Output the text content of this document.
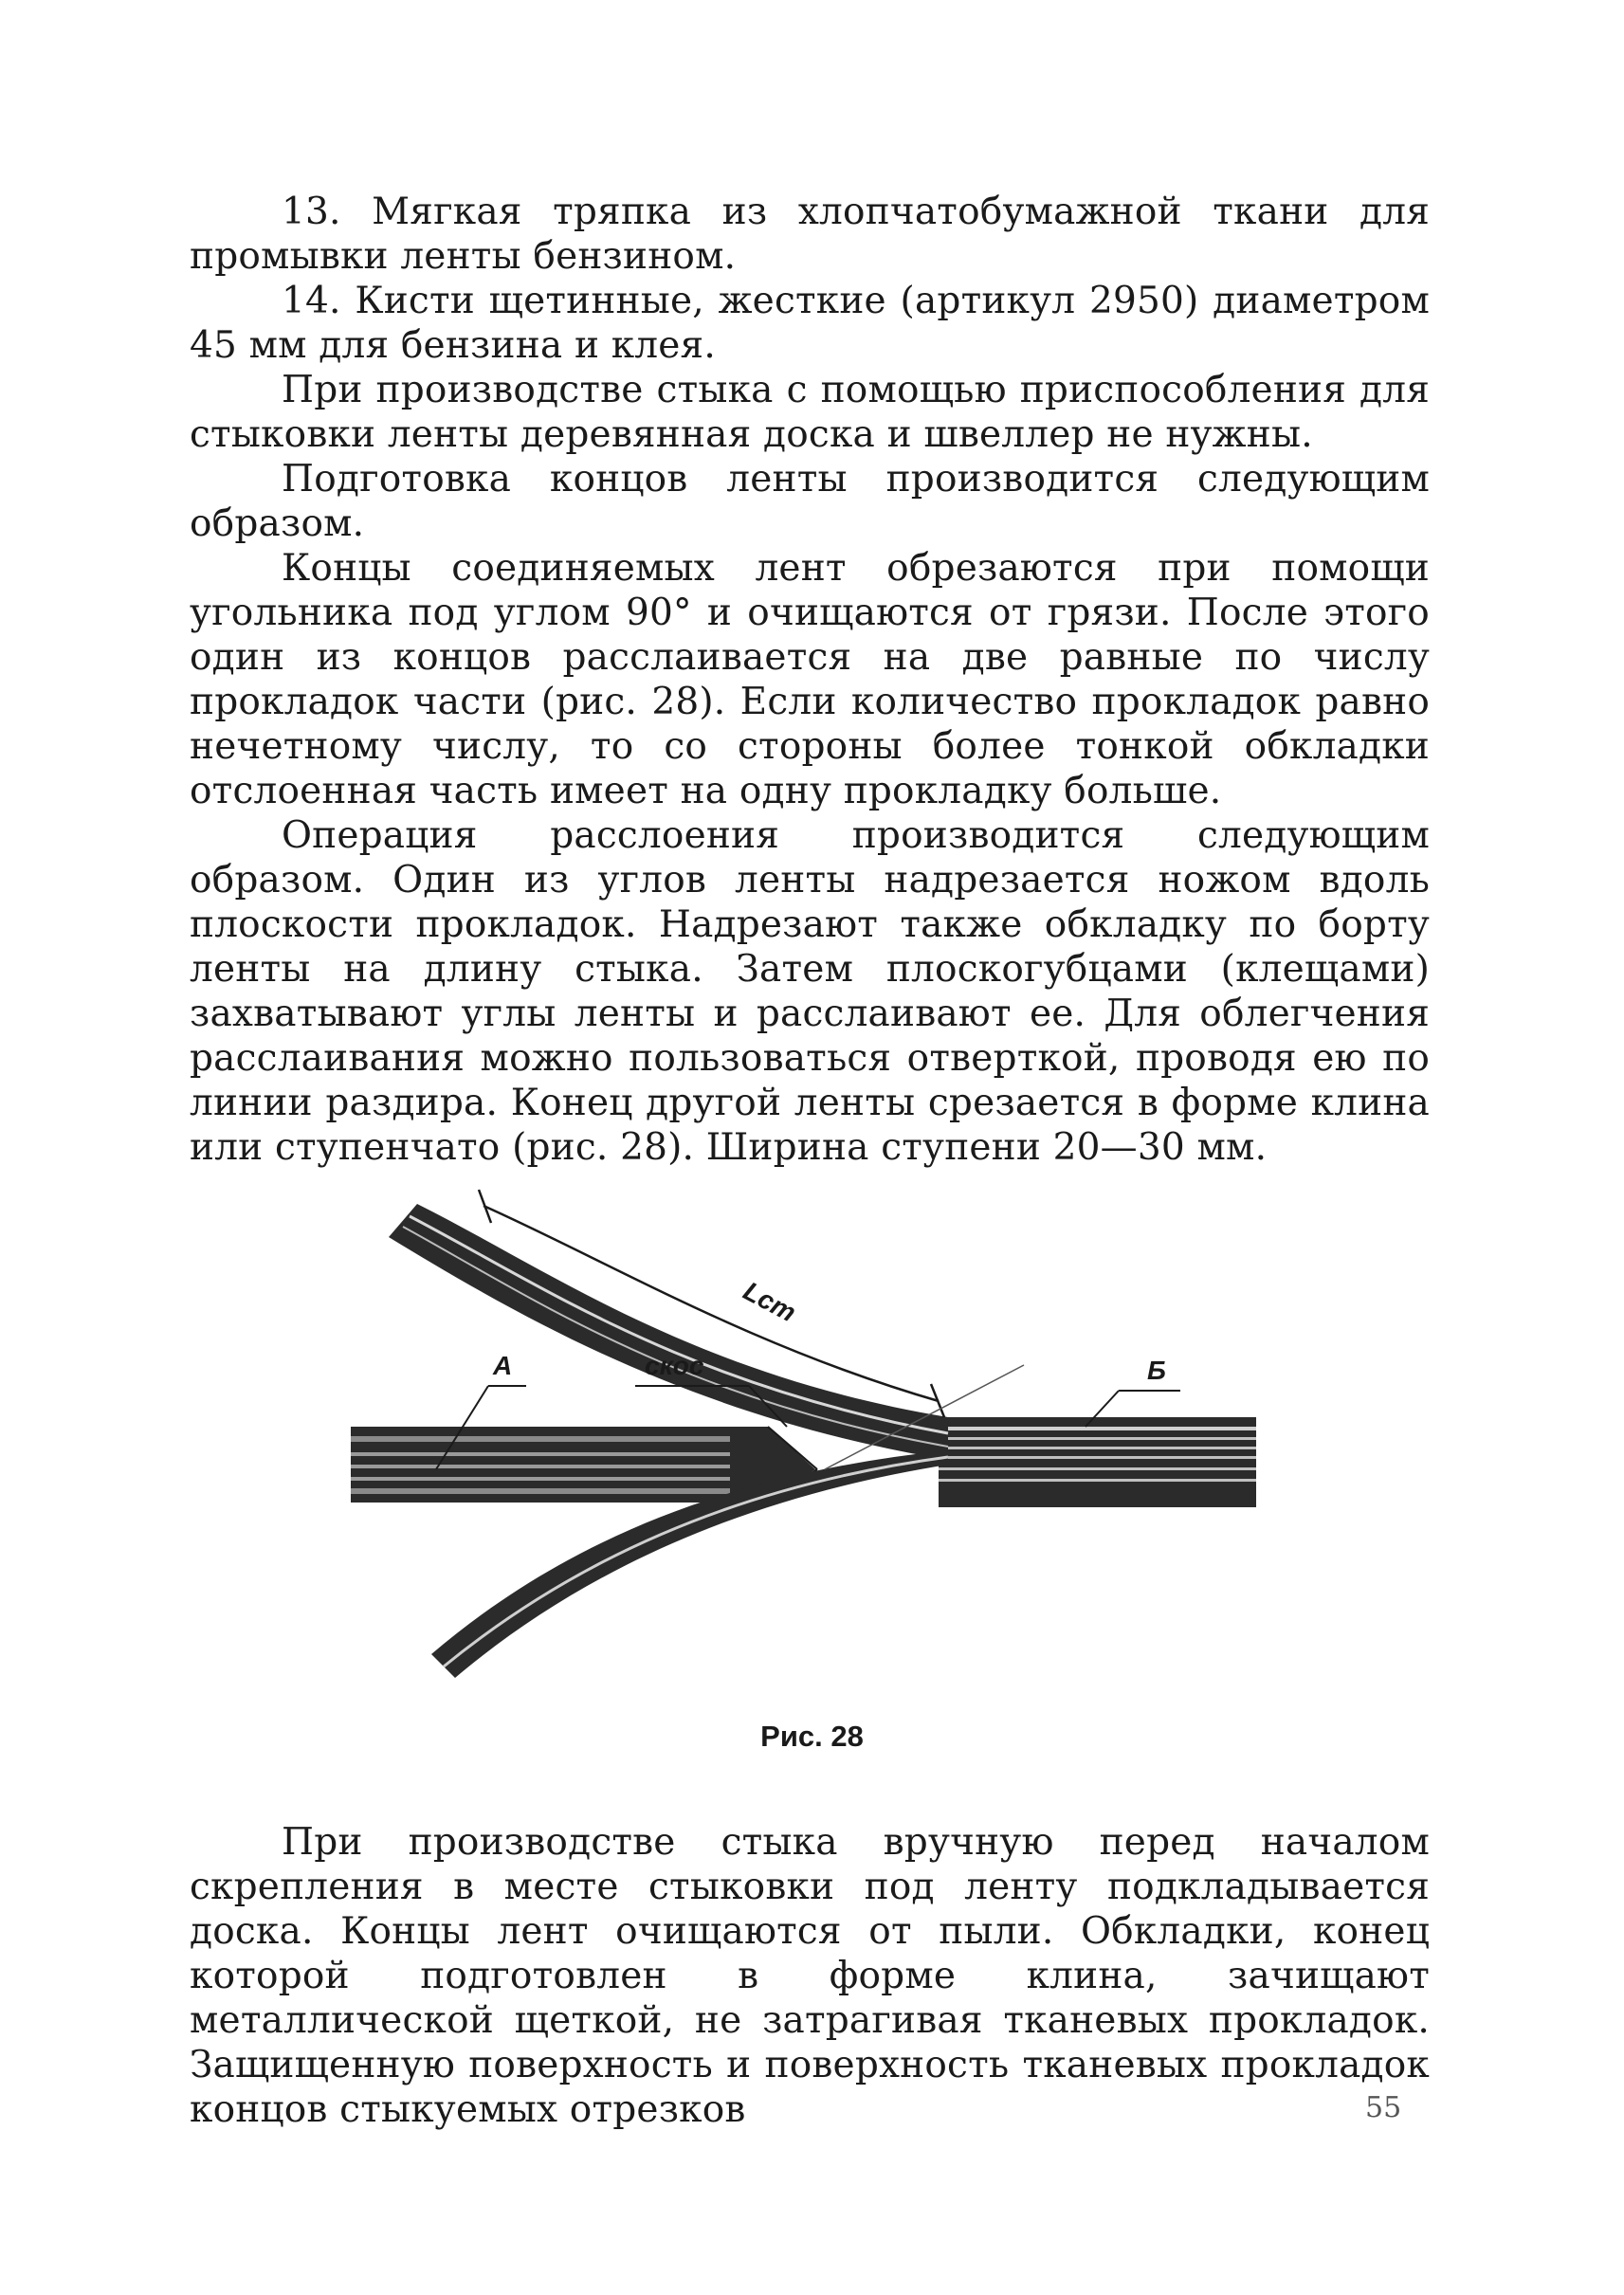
13. Мягкая тряпка из хлопчатобумажной ткани для промывки ленты бензином.

14. Кисти щетинные, жесткие (артикул 2950) диаметром 45 мм для бензина и клея.

При производстве стыка с помощью приспособления для стыковки ленты деревянная доска и швеллер не нужны.

Подготовка концов ленты производится следующим образом.

Концы соединяемых лент обрезаются при помощи угольника под углом 90° и очищаются от грязи. После этого один из концов расслаивается на две равные по числу прокладок части (рис. 28). Если количество прокладок равно нечетному числу, то со стороны более тонкой обкладки отслоенная часть имеет на одну прокладку больше.

Операция расслоения производится следующим образом. Один из углов ленты надрезается ножом вдоль плоскости прокладок. Надрезают также обкладку по борту ленты на длину стыка. Затем плоскогубцами (клещами) захватывают углы ленты и расслаивают ее. Для облегчения расслаивания можно пользоваться отверткой, проводя ею по линии раздира. Конец другой ленты срезается в форме клина или ступенчато (рис. 28). Ширина ступени 20—30 мм.

Lст
А	скос	Б
Рис. 28

При производстве стыка вручную перед началом скрепления в месте стыковки под ленту подкладывается доска. Концы лент очищаются от пыли. Обкладки, конец которой подготовлен в форме клина, зачищают металлической щеткой, не затрагивая тканевых прокладок. Защищенную поверхность и поверхность тканевых прокладок концов стыкуемых отрезков	55
